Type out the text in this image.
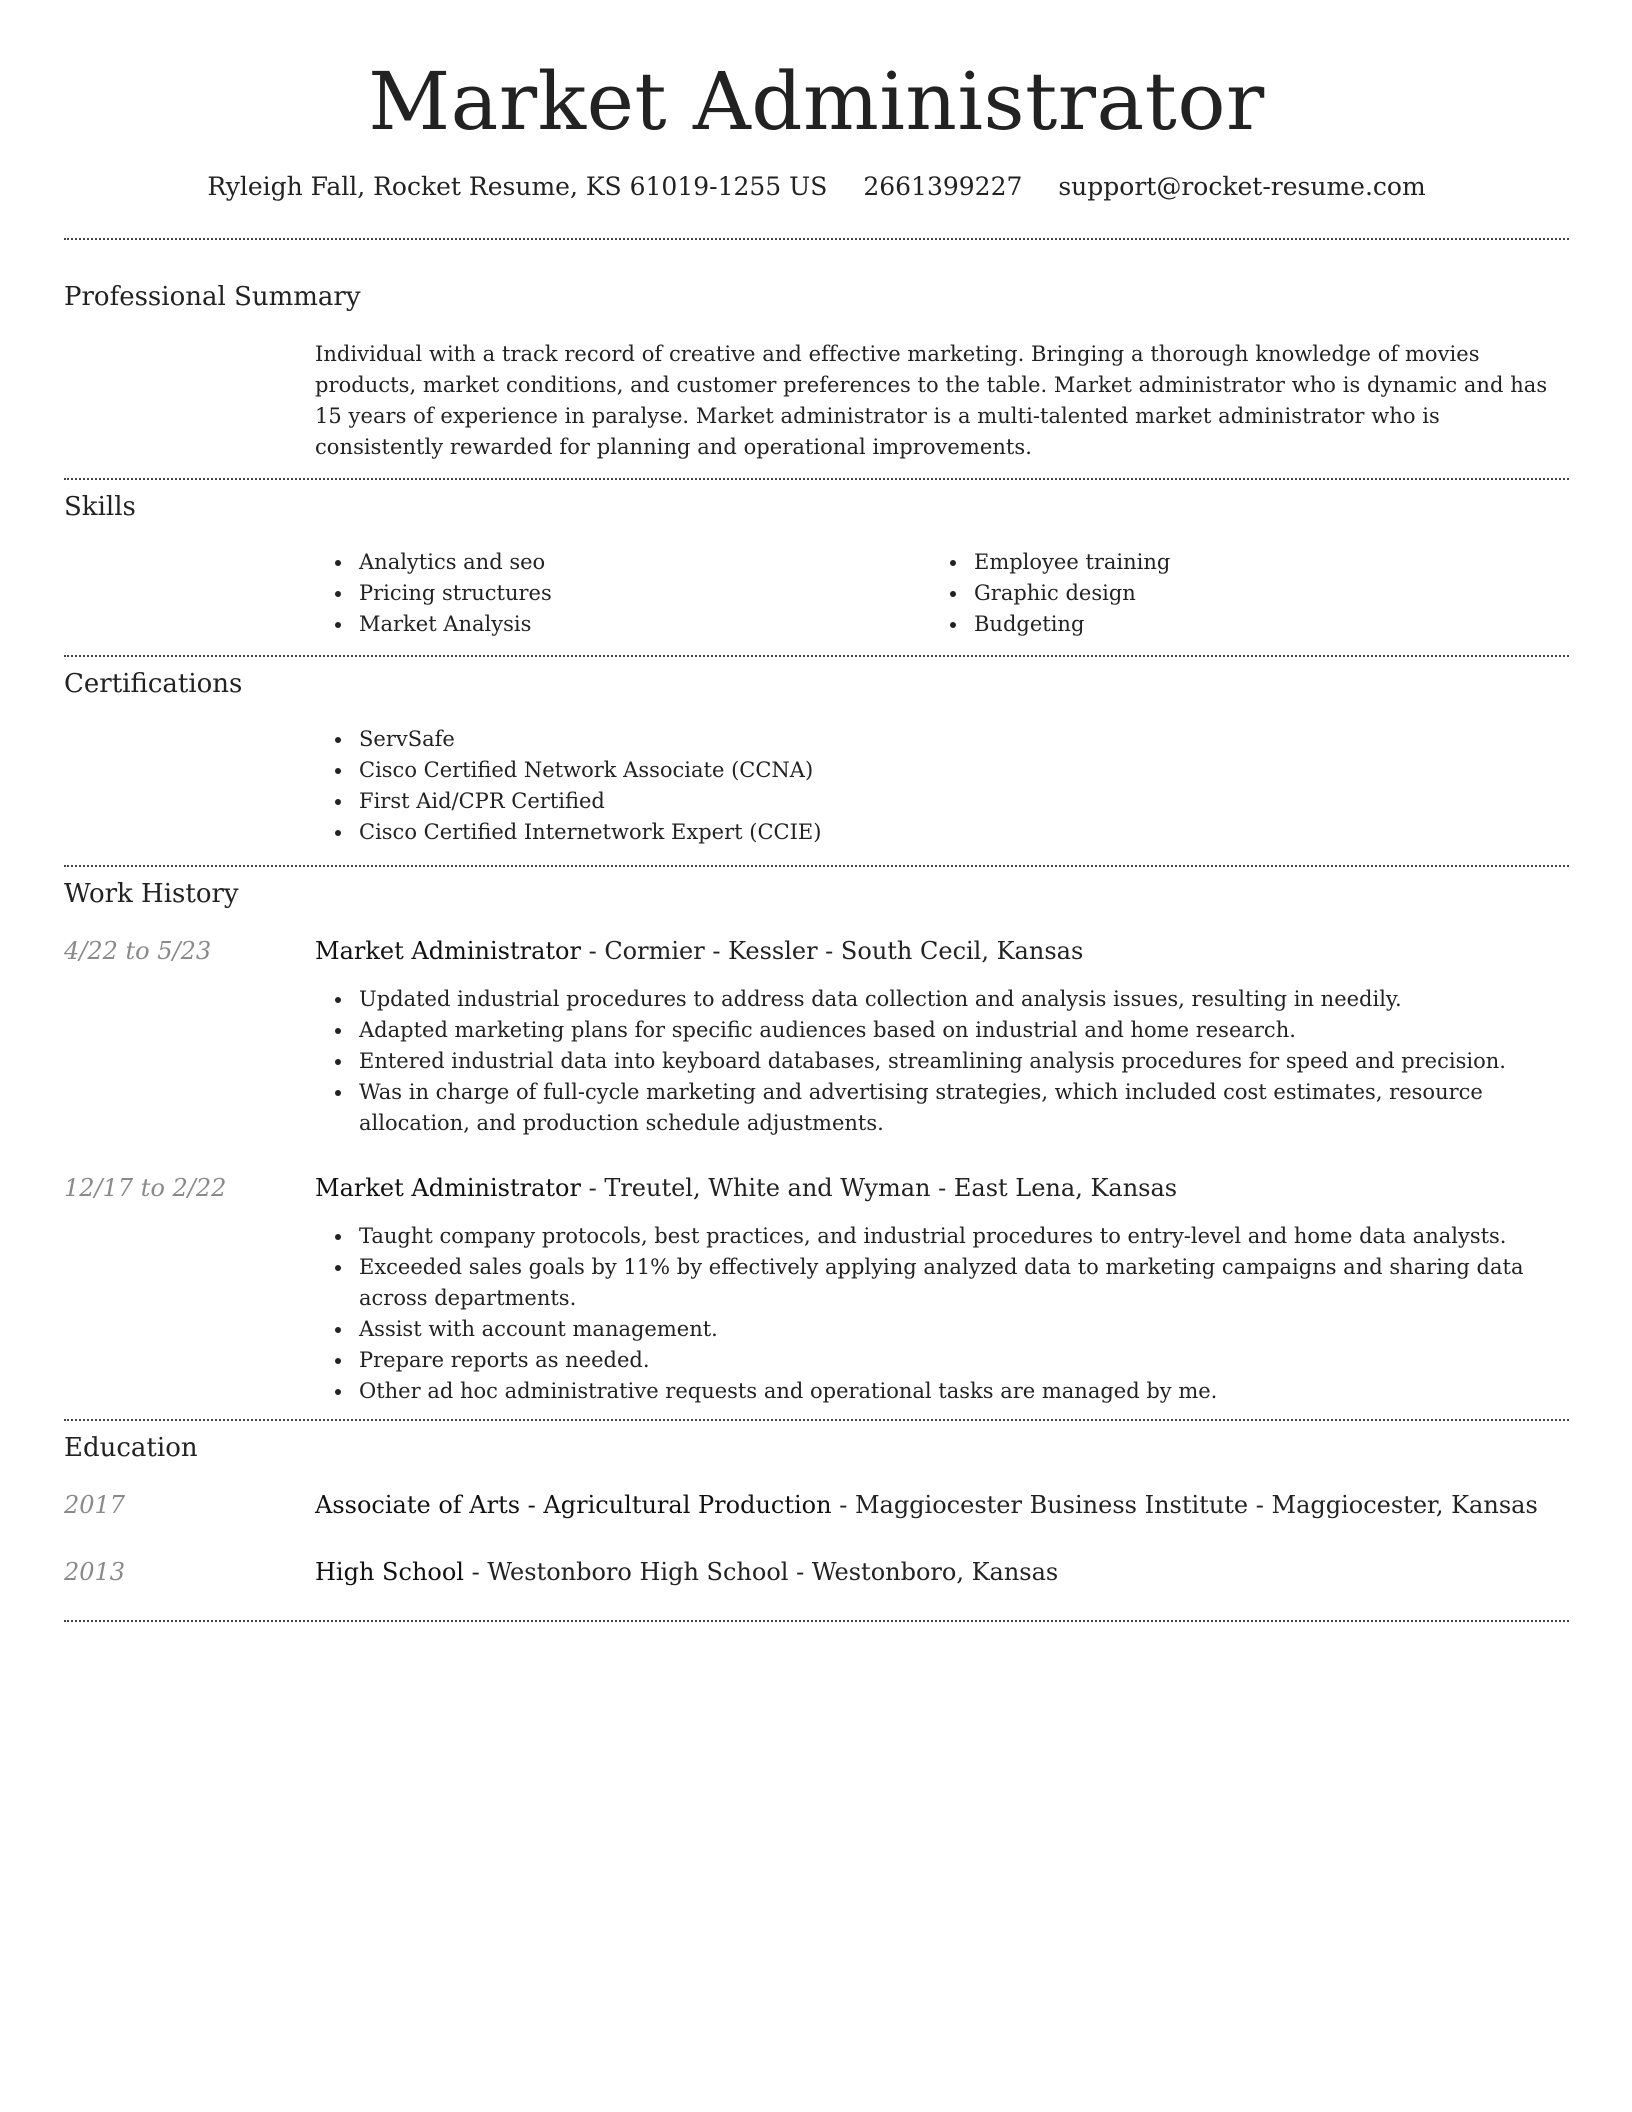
Market Administrator
Ryleigh Fall, Rocket Resume, KS 61019-1255 US 2661399227 support@rocket-resume.com
Professional Summary

Individual with a track record of creative and effective marketing. Bringing a thorough knowledge of movies products, market conditions, and customer preferences to the table. Market administrator who is dynamic and has 15 years of experience in paralyse. Market administrator is a multi-talented market administrator who is consistently rewarded for planning and operational improvements.

Skills
Analytics and seo
Pricing structures
Market Analysis
Employee training
Graphic design
Budgeting
Certifications
ServSafe
Cisco Certified Network Associate (CCNA)
First Aid/CPR Certified
Cisco Certified Internetwork Expert (CCIE)
Work History
4/22 to 5/23	Market Administrator - Cormier - Kessler - South Cecil, Kansas
Updated industrial procedures to address data collection and analysis issues, resulting in needily.
Adapted marketing plans for specific audiences based on industrial and home research.
Entered industrial data into keyboard databases, streamlining analysis procedures for speed and precision.
Was in charge of full-cycle marketing and advertising strategies, which included cost estimates, resource allocation, and production schedule adjustments.
12/17 to 2/22	Market Administrator - Treutel, White and Wyman - East Lena, Kansas
Taught company protocols, best practices, and industrial procedures to entry-level and home data analysts.
Exceeded sales goals by 11% by effectively applying analyzed data to marketing campaigns and sharing data across departments.
Assist with account management.
Prepare reports as needed.
Other ad hoc administrative requests and operational tasks are managed by me.
Education
2017	Associate of Arts - Agricultural Production - Maggiocester Business Institute - Maggiocester, Kansas
2013	High School - Westonboro High School - Westonboro, Kansas
